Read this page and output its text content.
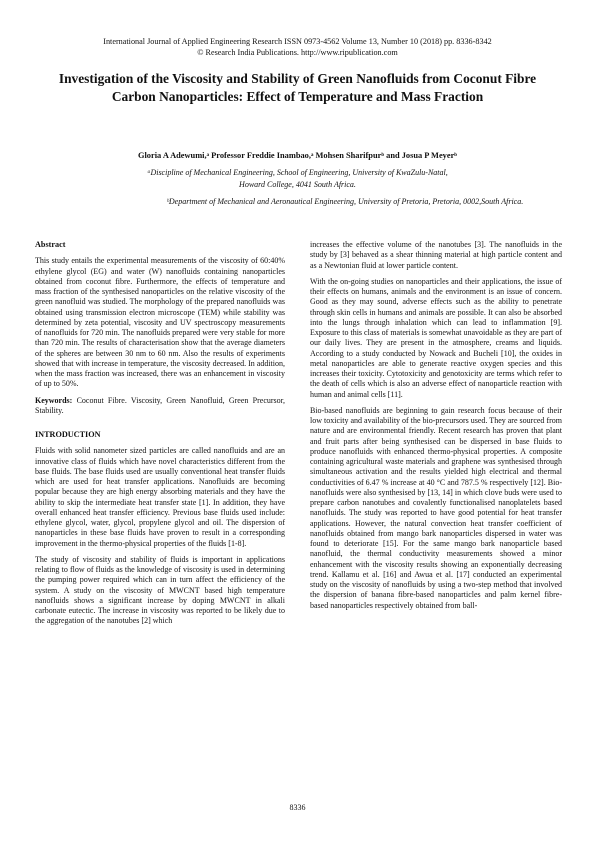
International Journal of Applied Engineering Research ISSN 0973-4562 Volume 13, Number 10 (2018) pp. 8336-8342
© Research India Publications. http://www.ripublication.com
Investigation of the Viscosity and Stability of Green Nanofluids from Coconut Fibre Carbon Nanoparticles: Effect of Temperature and Mass Fraction
Gloria A Adewumi,ᵃ Professor Freddie Inambao,ᵃ Mohsen Sharifpurᵇ and Josua P Meyerᵇ
ᵃDiscipline of Mechanical Engineering, School of Engineering, University of KwaZulu-Natal,
Howard College, 4041 South Africa.
ᵇDepartment of Mechanical and Aeronautical Engineering, University of Pretoria, Pretoria, 0002,South Africa.
Abstract

This study entails the experimental measurements of the viscosity of 60:40% ethylene glycol (EG) and water (W) nanofluids containing nanoparticles obtained from coconut fibre. Furthermore, the effects of temperature and mass fraction of the synthesised nanoparticles on the relative viscosity of the green nanofluid was studied. The morphology of the prepared nanofluids was obtained using transmission electron microscope (TEM) while stability was determined by zeta potential, viscosity and UV spectroscopy measurements of nanofluids for 720 min. The nanofluids prepared were very stable for more than 720 min. The results of characterisation show that the average diameters of the spheres are between 30 nm to 60 nm. Also the results of experiments showed that with increase in temperature, the viscosity decreased. In addition, when the mass fraction was increased, there was an enhancement in viscosity of up to 50%.

Keywords: Coconut Fibre. Viscosity, Green Nanofluid, Green Precursor, Stability.

INTRODUCTION

Fluids with solid nanometer sized particles are called nanofluids and are an innovative class of fluids which have novel characteristics different from the base fluids. The base fluids used are usually conventional heat transfer fluids which are used for heat transfer applications. Nanofluids are becoming popular because they are high energy absorbing materials and they have the ability to skip the intermediate heat transfer state [1]. In addition, they have overall enhanced heat transfer efficiency. Previous base fluids used include: ethylene glycol, water, glycol, propylene glycol and oil. The dispersion of nanoparticles in these base fluids have proven to result in a corresponding improvement in the thermo-physical properties of the fluids [1-8].

The study of viscosity and stability of fluids is important in applications relating to flow of fluids as the knowledge of viscosity is used in determining the pumping power required which can in turn affect the efficiency of the system. A study on the viscosity of MWCNT based high temperature nanofluids shows a significant increase by doping MWCNT in alkali carbonate eutectic. The increase in viscosity was reported to be likely due to the aggregation of the nanotubes [2] which

increases the effective volume of the nanotubes [3]. The nanofluids in the study by [3] behaved as a shear thinning material at high particle content and as a Newtonian fluid at lower particle content.

With the on-going studies on nanoparticles and their applications, the issue of their effects on humans, animals and the environment is an issue of concern. Good as they may sound, adverse effects such as the ability to penetrate through skin cells in humans and animals are possible. It can also be absorbed into the lungs through inhalation which can lead to inflammation [9]. Exposure to this class of materials is somewhat unavoidable as they are part of our daily lives. They are present in the atmosphere, creams and liquids. According to a study conducted by Nowack and Bucheli [10], the oxides in metal nanoparticles are able to generate reactive oxygen species and this increases their toxicity. Cytotoxicity and genotoxicity are terms which refer to the death of cells which is also an adverse effect of nanoparticle reaction with human and animal cells [11].

Bio-based nanofluids are beginning to gain research focus because of their low toxicity and availability of the bio-precursors used. They are sourced from nature and are environmental friendly. Recent research has proven that plant and fruit parts after being synthesised can be dispersed in base fluids to produce nanofluids with enhanced thermo-physical properties. A composite containing agricultural waste materials and graphene was synthesised through simultaneous activation and the results yielded high electrical and thermal conductivities of 6.47 % increase at 40 °C and 787.5 % respectively [12]. Bio-nanofluids were also synthesised by [13, 14] in which clove buds were used to prepare carbon nanotubes and covalently functionalised nanoplatelets based nanofluids. The study was reported to have good potential for heat transfer applications. However, the natural convection heat transfer coefficient of nanofluids obtained from mango bark nanoparticles dispersed in water was found to deteriorate [15]. For the same mango bark nanoparticle based nanofluid, the thermal conductivity measurements showed a minor enhancement with the viscosity results showing an exponentially decreasing trend. Kallamu et al. [16] and Awua et al. [17] conducted an experimental study on the viscosity of nanofluids by using a two-step method that involved the dispersion of banana fibre-based nanoparticles and palm kernel fibre-based nanoparticles respectively obtained from ball-

8336
